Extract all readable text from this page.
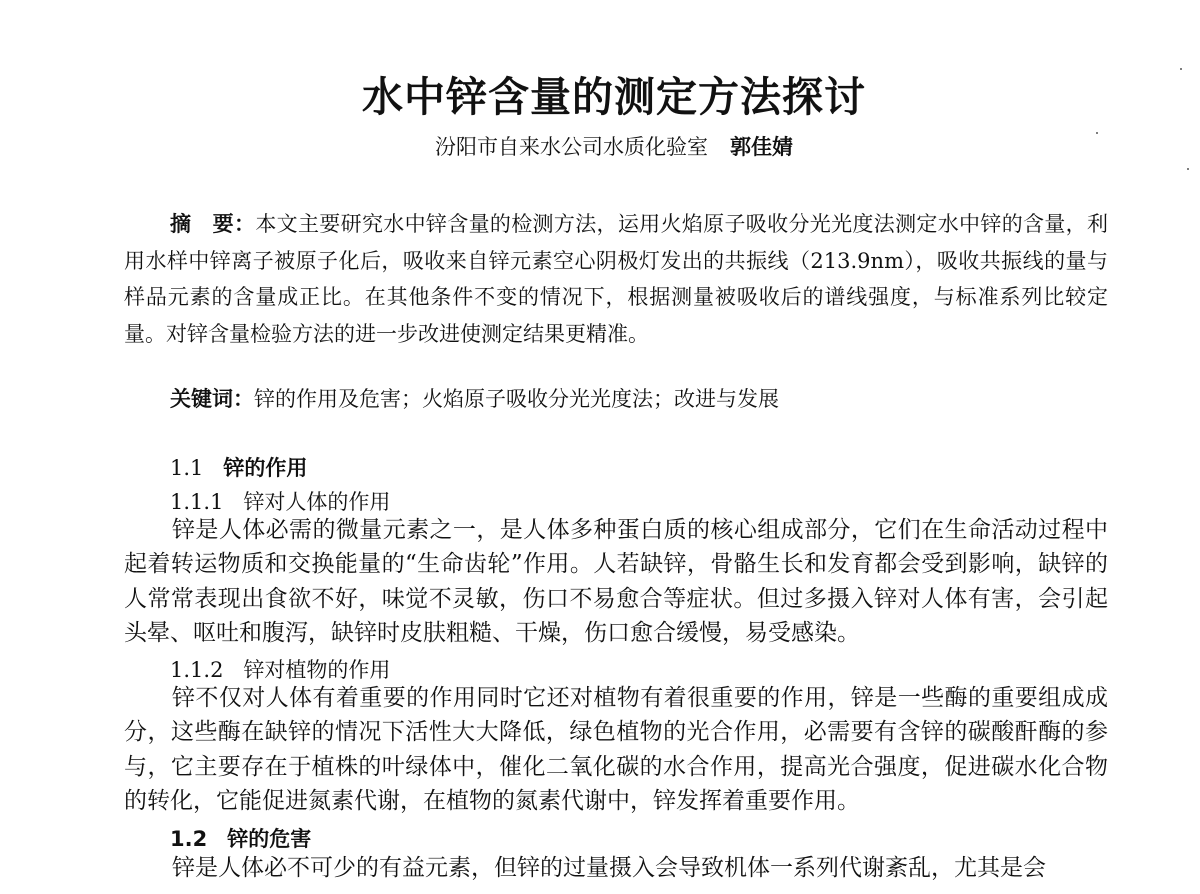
水中锌含量的测定方法探讨
汾阳市自来水公司水质化验室 郭佳婧

摘　要：本文主要研究水中锌含量的检测方法，运用火焰原子吸收分光光度法测定水中锌的含量，利用水样中锌离子被原子化后，吸收来自锌元素空心阴极灯发出的共振线（213.9nm），吸收共振线的量与样品元素的含量成正比。在其他条件不变的情况下，根据测量被吸收后的谱线强度，与标准系列比较定量。对锌含量检验方法的进一步改进使测定结果更精准。

关键词：锌的作用及危害；火焰原子吸收分光光度法；改进与发展

1.1 锌的作用
1.1.1 锌对人体的作用

锌是人体必需的微量元素之一，是人体多种蛋白质的核心组成部分，它们在生命活动过程中起着转运物质和交换能量的“生命齿轮”作用。人若缺锌，骨骼生长和发育都会受到影响，缺锌的人常常表现出食欲不好，味觉不灵敏，伤口不易愈合等症状。但过多摄入锌对人体有害，会引起头晕、呕吐和腹泻，缺锌时皮肤粗糙、干燥，伤口愈合缓慢，易受感染。

1.1.2 锌对植物的作用

锌不仅对人体有着重要的作用同时它还对植物有着很重要的作用，锌是一些酶的重要组成成分，这些酶在缺锌的情况下活性大大降低，绿色植物的光合作用，必需要有含锌的碳酸酐酶的参与，它主要存在于植株的叶绿体中，催化二氧化碳的水合作用，提高光合强度，促进碳水化合物的转化，它能促进氮素代谢，在植物的氮素代谢中，锌发挥着重要作用。

1.2 锌的危害

锌是人体必不可少的有益元素，但锌的过量摄入会导致机体一系列代谢紊乱，尤其是会
